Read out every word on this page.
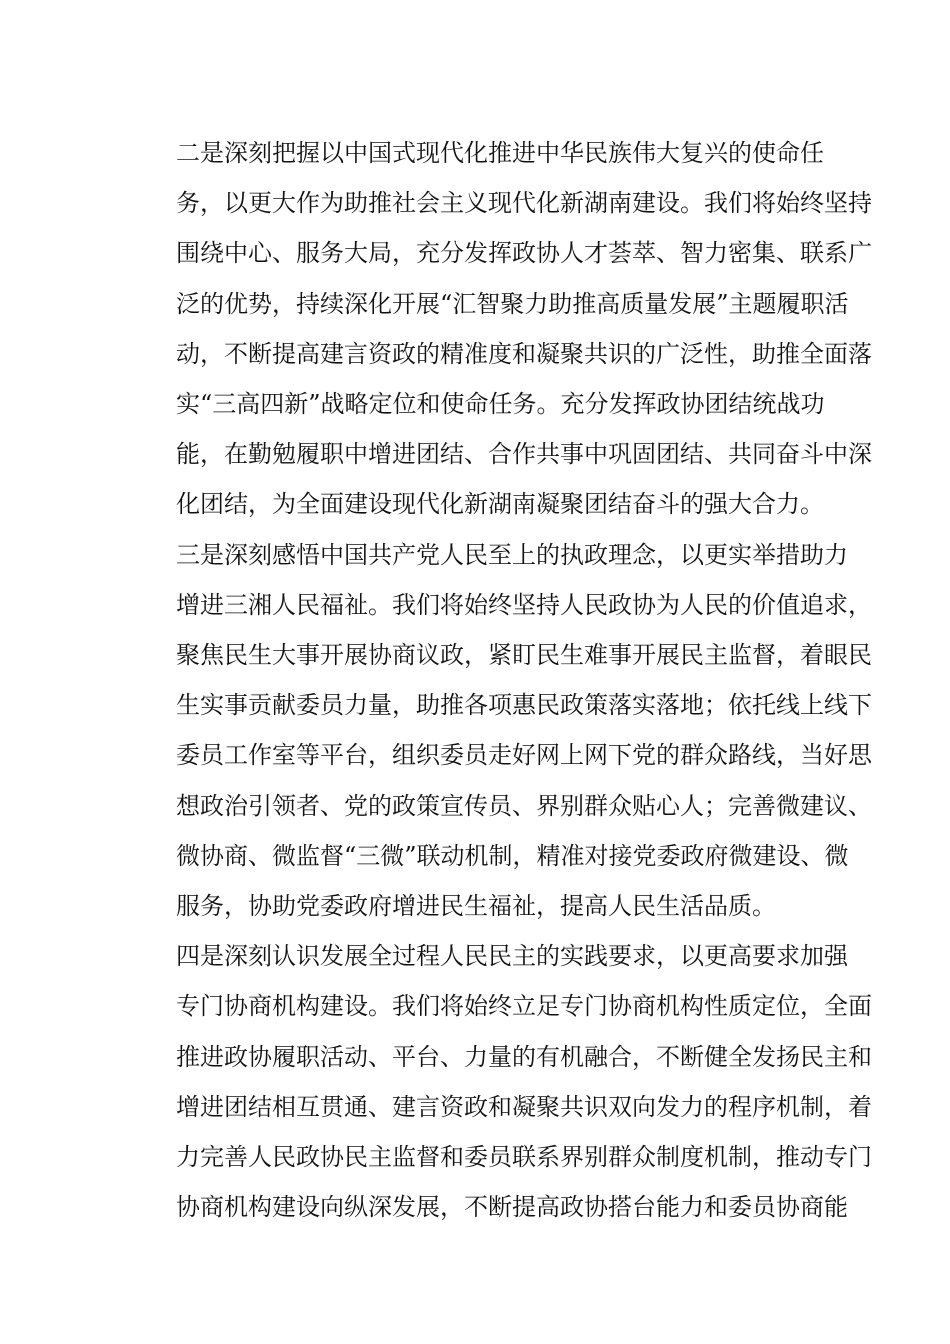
二是深刻把握以中国式现代化推进中华民族伟大复兴的使命任
务，以更大作为助推社会主义现代化新湖南建设。我们将始终坚持
围绕中心、服务大局，充分发挥政协人才荟萃、智力密集、联系广
泛的优势，持续深化开展“汇智聚力助推高质量发展”主题履职活
动，不断提高建言资政的精准度和凝聚共识的广泛性，助推全面落
实“三高四新”战略定位和使命任务。充分发挥政协团结统战功
能，在勤勉履职中增进团结、合作共事中巩固团结、共同奋斗中深
化团结，为全面建设现代化新湖南凝聚团结奋斗的强大合力。
三是深刻感悟中国共产党人民至上的执政理念，以更实举措助力
增进三湘人民福祉。我们将始终坚持人民政协为人民的价值追求，
聚焦民生大事开展协商议政，紧盯民生难事开展民主监督，着眼民
生实事贡献委员力量，助推各项惠民政策落实落地；依托线上线下
委员工作室等平台，组织委员走好网上网下党的群众路线，当好思
想政治引领者、党的政策宣传员、界别群众贴心人；完善微建议、
微协商、微监督“三微”联动机制，精准对接党委政府微建设、微
服务，协助党委政府增进民生福祉，提高人民生活品质。
四是深刻认识发展全过程人民民主的实践要求，以更高要求加强
专门协商机构建设。我们将始终立足专门协商机构性质定位，全面
推进政协履职活动、平台、力量的有机融合，不断健全发扬民主和
增进团结相互贯通、建言资政和凝聚共识双向发力的程序机制，着
力完善人民政协民主监督和委员联系界别群众制度机制，推动专门
协商机构建设向纵深发展，不断提高政协搭台能力和委员协商能
